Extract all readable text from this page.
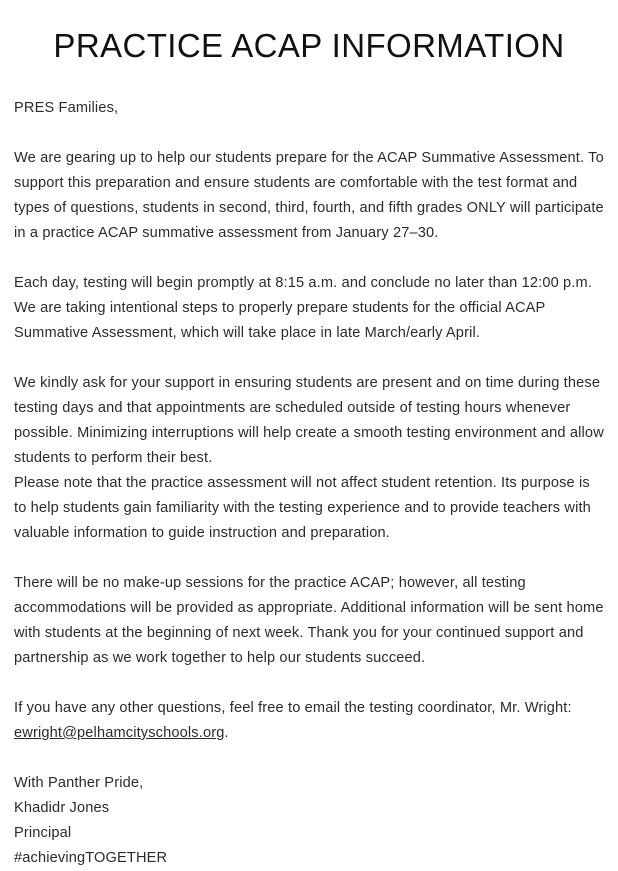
PRACTICE ACAP INFORMATION

PRES Families,

We are gearing up to help our students prepare for the ACAP Summative Assessment. To support this preparation and ensure students are comfortable with the test format and types of questions, students in second, third, fourth, and fifth grades ONLY will participate in a practice ACAP summative assessment from January 27–30.

Each day, testing will begin promptly at 8:15 a.m. and conclude no later than 12:00 p.m. We are taking intentional steps to properly prepare students for the official ACAP Summative Assessment, which will take place in late March/early April.

We kindly ask for your support in ensuring students are present and on time during these testing days and that appointments are scheduled outside of testing hours whenever possible. Minimizing interruptions will help create a smooth testing environment and allow students to perform their best.

Please note that the practice assessment will not affect student retention. Its purpose is to help students gain familiarity with the testing experience and to provide teachers with valuable information to guide instruction and preparation.

There will be no make-up sessions for the practice ACAP; however, all testing accommodations will be provided as appropriate. Additional information will be sent home with students at the beginning of next week. Thank you for your continued support and partnership as we work together to help our students succeed.

If you have any other questions, feel free to email the testing coordinator, Mr. Wright: ewright@pelhamcityschools.org.

With Panther Pride,

Khadidr Jones

Principal

#achievingTOGETHER
